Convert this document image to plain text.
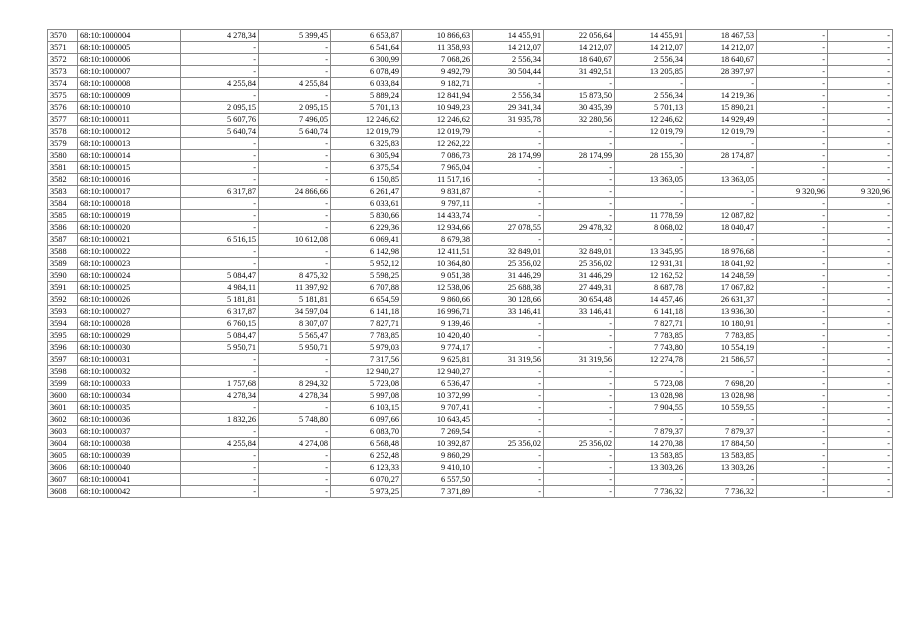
3570	68:10:1000004	4 278,34	5 399,45	6 653,87	10 866,63	14 455,91	22 056,64	14 455,91	18 467,53	-	-
3571	68:10:1000005	-	-	6 541,64	11 358,93	14 212,07	14 212,07	14 212,07	14 212,07	-	-
3572	68:10:1000006	-	-	6 300,99	7 068,26	2 556,34	18 640,67	2 556,34	18 640,67	-	-
3573	68:10:1000007	-	-	6 078,49	9 492,79	30 504,44	31 492,51	13 205,85	28 397,97	-	-
3574	68:10:1000008	4 255,84	4 255,84	6 033,84	9 182,71	-	-	-	-	-	-
3575	68:10:1000009	-	-	5 889,24	12 841,94	2 556,34	15 873,50	2 556,34	14 219,36	-	-
3576	68:10:1000010	2 095,15	2 095,15	5 701,13	10 949,23	29 341,34	30 435,39	5 701,13	15 890,21	-	-
3577	68:10:1000011	5 607,76	7 496,05	12 246,62	12 246,62	31 935,78	32 280,56	12 246,62	14 929,49	-	-
3578	68:10:1000012	5 640,74	5 640,74	12 019,79	12 019,79	-	-	12 019,79	12 019,79	-	-
3579	68:10:1000013	-	-	6 325,83	12 262,22	-	-	-	-	-	-
3580	68:10:1000014	-	-	6 305,94	7 086,73	28 174,99	28 174,99	28 155,30	28 174,87	-	-
3581	68:10:1000015	-	-	6 375,54	7 965,04	-	-	-	-	-	-
3582	68:10:1000016	-	-	6 150,85	11 517,16	-	-	13 363,05	13 363,05	-	-
3583	68:10:1000017	6 317,87	24 866,66	6 261,47	9 831,87	-	-	-	-	9 320,96	9 320,96
3584	68:10:1000018	-	-	6 033,61	9 797,11	-	-	-	-	-	-
3585	68:10:1000019	-	-	5 830,66	14 433,74	-	-	11 778,59	12 087,82	-	-
3586	68:10:1000020	-	-	6 229,36	12 934,66	27 078,55	29 478,32	8 068,02	18 040,47	-	-
3587	68:10:1000021	6 516,15	10 612,08	6 069,41	8 679,38	-	-	-	-	-	-
3588	68:10:1000022	-	-	6 142,98	12 411,51	32 849,01	32 849,01	13 345,95	18 976,68	-	-
3589	68:10:1000023	-	-	5 952,12	10 364,80	25 356,02	25 356,02	12 931,31	18 041,92	-	-
3590	68:10:1000024	5 084,47	8 475,32	5 598,25	9 051,38	31 446,29	31 446,29	12 162,52	14 248,59	-	-
3591	68:10:1000025	4 984,11	11 397,92	6 707,88	12 538,06	25 688,38	27 449,31	8 687,78	17 067,82	-	-
3592	68:10:1000026	5 181,81	5 181,81	6 654,59	9 860,66	30 128,66	30 654,48	14 457,46	26 631,37	-	-
3593	68:10:1000027	6 317,87	34 597,04	6 141,18	16 996,71	33 146,41	33 146,41	6 141,18	13 936,30	-	-
3594	68:10:1000028	6 760,15	8 307,07	7 827,71	9 139,46	-	-	7 827,71	10 180,91	-	-
3595	68:10:1000029	5 084,47	5 565,47	7 783,85	10 420,40	-	-	7 783,85	7 783,85	-	-
3596	68:10:1000030	5 950,71	5 950,71	5 979,03	9 774,17	-	-	7 743,80	10 554,19	-	-
3597	68:10:1000031	-	-	7 317,56	9 625,81	31 319,56	31 319,56	12 274,78	21 586,57	-	-
3598	68:10:1000032	-	-	12 940,27	12 940,27	-	-	-	-	-	-
3599	68:10:1000033	1 757,68	8 294,32	5 723,08	6 536,47	-	-	5 723,08	7 698,20	-	-
3600	68:10:1000034	4 278,34	4 278,34	5 997,08	10 372,99	-	-	13 028,98	13 028,98	-	-
3601	68:10:1000035	-	-	6 103,15	9 707,41	-	-	7 904,55	10 559,55	-	-
3602	68:10:1000036	1 832,26	5 748,80	6 097,66	10 643,45	-	-	-	-	-	-
3603	68:10:1000037	-	-	6 083,70	7 269,54	-	-	7 879,37	7 879,37	-	-
3604	68:10:1000038	4 255,84	4 274,08	6 568,48	10 392,87	25 356,02	25 356,02	14 270,38	17 884,50	-	-
3605	68:10:1000039	-	-	6 252,48	9 860,29	-	-	13 583,85	13 583,85	-	-
3606	68:10:1000040	-	-	6 123,33	9 410,10	-	-	13 303,26	13 303,26	-	-
3607	68:10:1000041	-	-	6 070,27	6 557,50	-	-	-	-	-	-
3608	68:10:1000042	-	-	5 973,25	7 371,89	-	-	7 736,32	7 736,32	-	-
